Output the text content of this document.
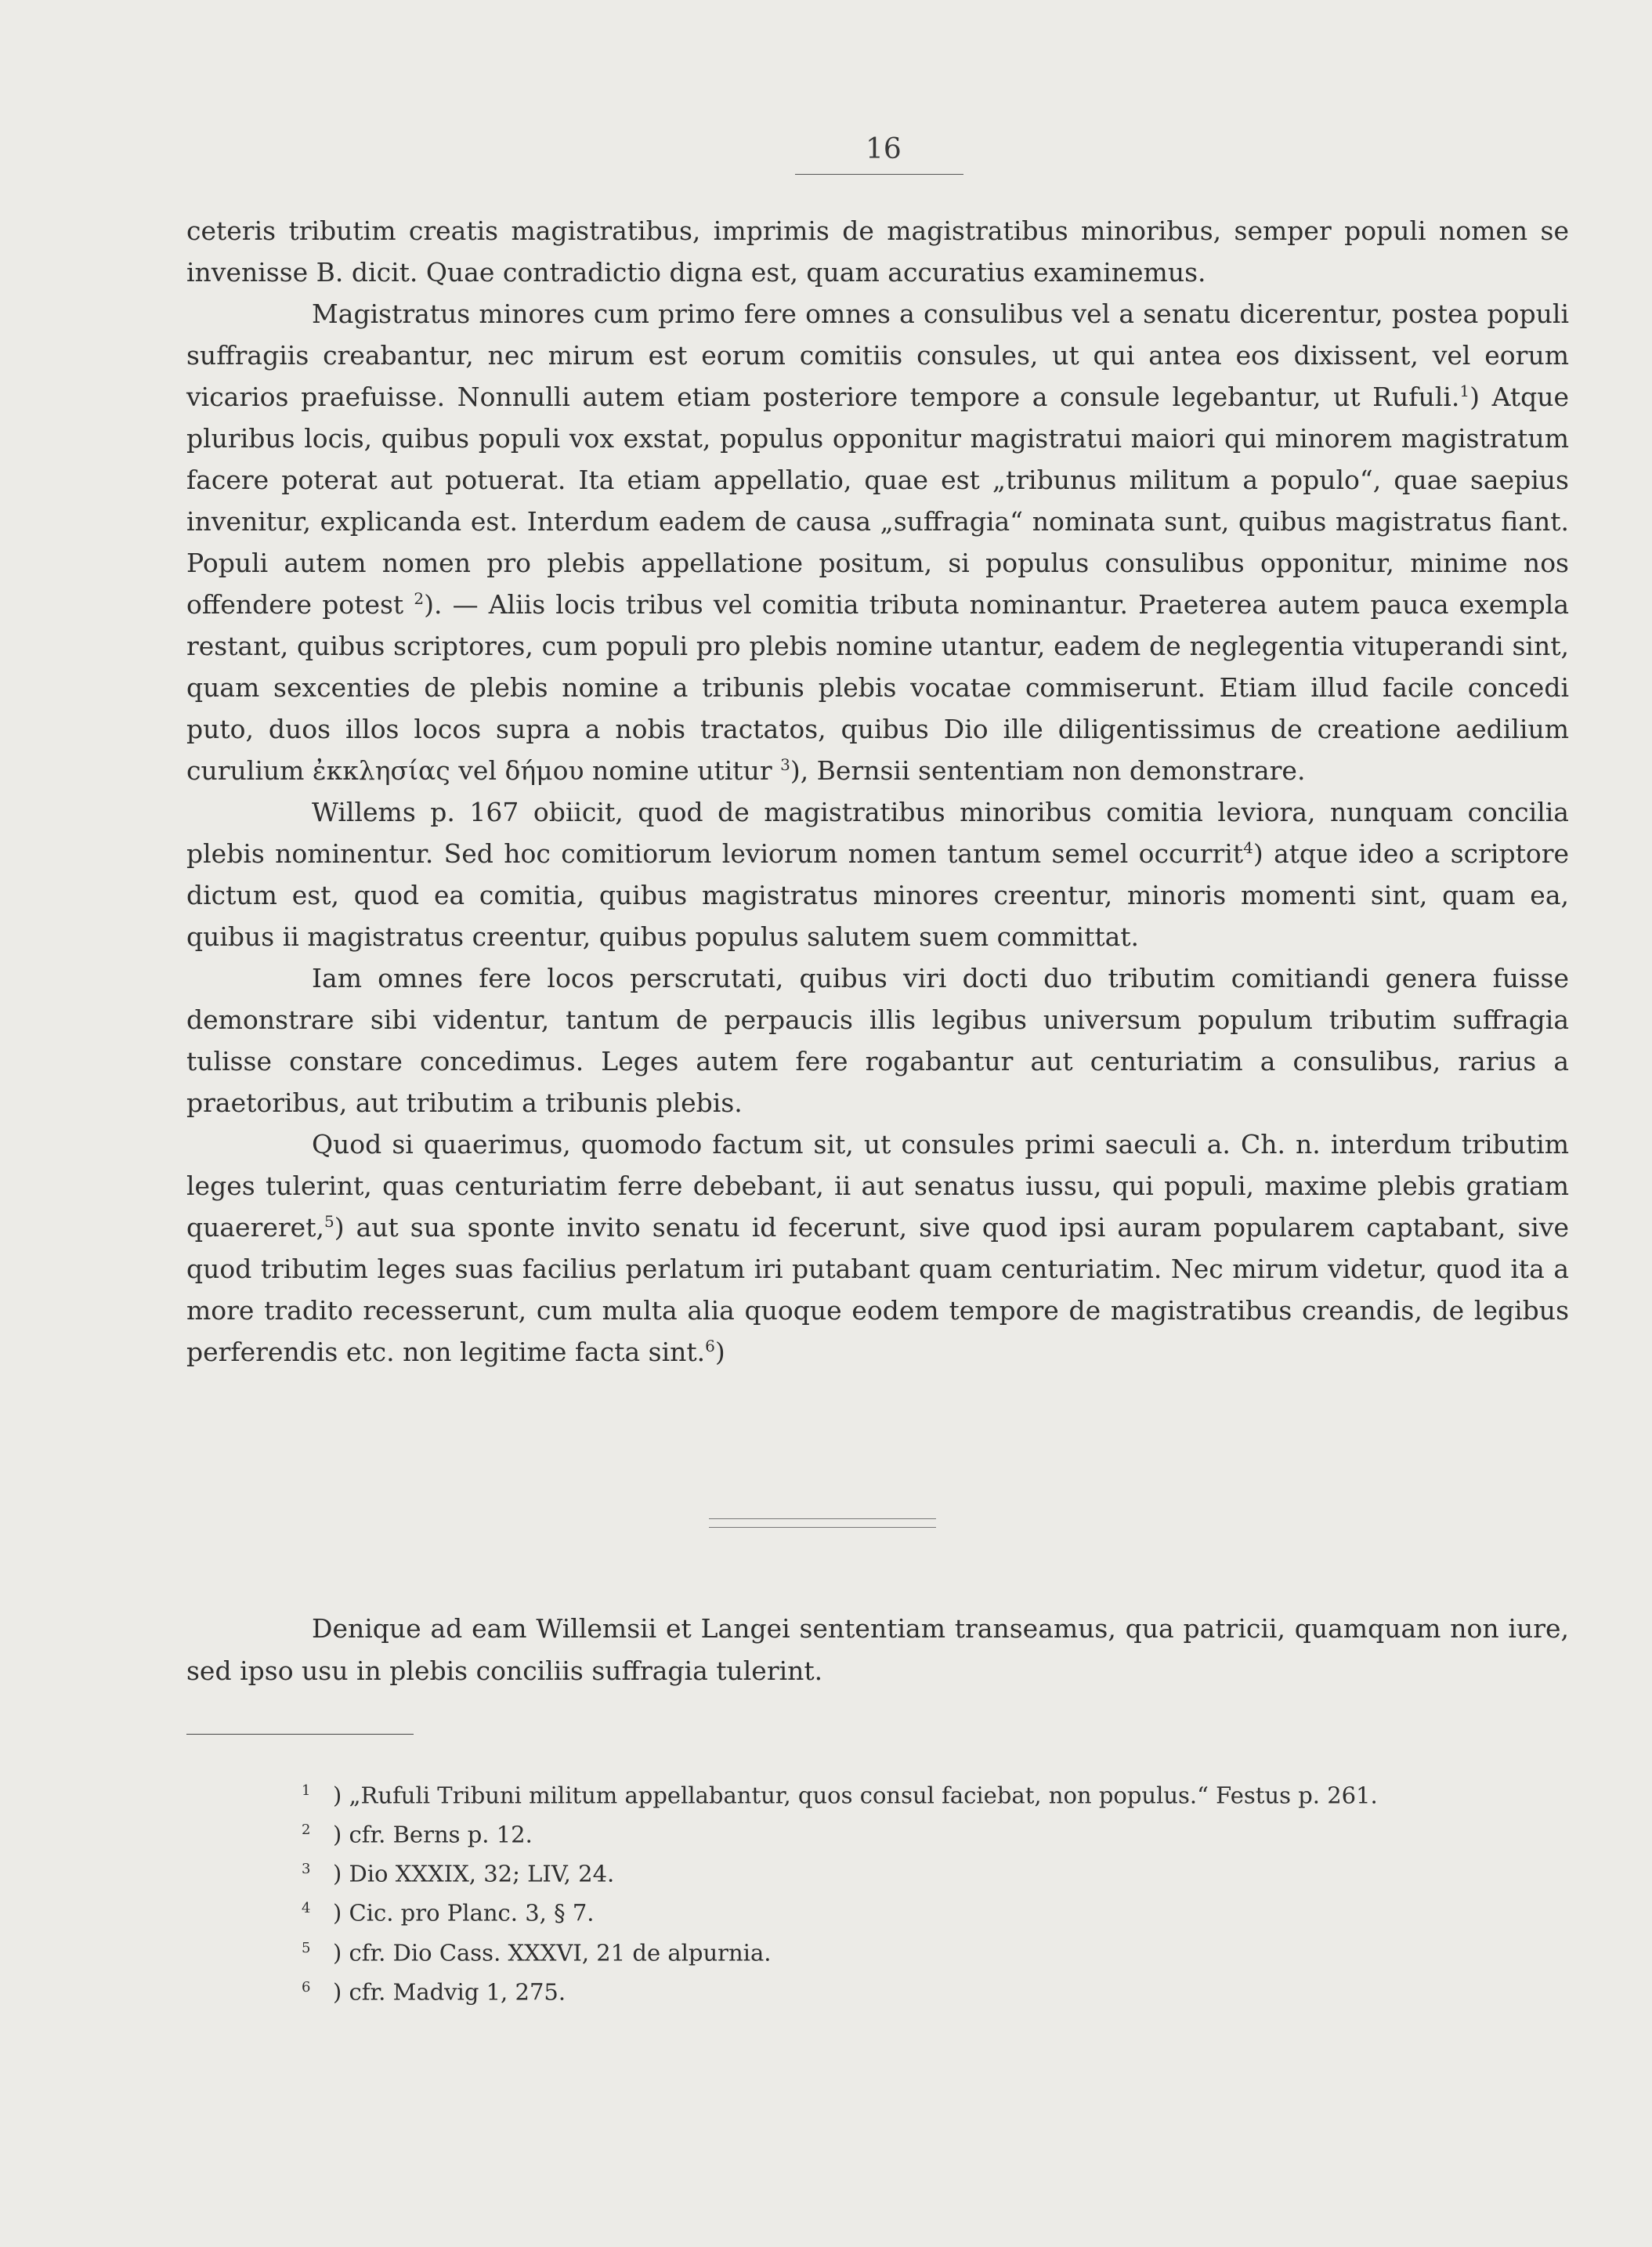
16

ceteris tributim creatis magistratibus, imprimis de magistratibus minoribus, semper populi nomen se invenisse B. dicit. Quae contradictio digna est, quam accuratius examinemus.

Magistratus minores cum primo fere omnes a consulibus vel a senatu dicerentur, postea populi suffragiis creabantur, nec mirum est eorum comitiis consules, ut qui antea eos dixissent, vel eorum vicarios praefuisse. Nonnulli autem etiam posteriore tempore a consule legebantur, ut Rufuli.$^1$) Atque pluribus locis, quibus populi vox exstat, populus opponitur magistratui maiori qui minorem magistratum facere poterat aut potuerat. Ita etiam appellatio, quae est „tribunus militum a populo“, quae saepius invenitur, explicanda est. Interdum eadem de causa „suffragia“ nominata sunt, quibus magistratus fiant. Populi autem nomen pro plebis appellatione positum, si populus consulibus opponitur, minime nos offendere potest $^2$). — Aliis locis tribus vel comitia tributa nominantur. Praeterea autem pauca exempla restant, quibus scriptores, cum populi pro plebis nomine utantur, eadem de neglegentia vituperandi sint, quam sexcenties de plebis nomine a tribunis plebis vocatae commiserunt. Etiam illud facile concedi puto, duos illos locos supra a nobis tractatos, quibus Dio ille diligentissimus de creatione aedilium curulium ἐκκλησίας vel δήμου nomine utitur $^3$), Bernsii sententiam non demonstrare.

Willems p. 167 obiicit, quod de magistratibus minoribus comitia leviora, nunquam concilia plebis nominentur. Sed hoc comitiorum leviorum nomen tantum semel occurrit$^4$) atque ideo a scriptore dictum est, quod ea comitia, quibus magistratus minores creentur, minoris momenti sint, quam ea, quibus ii magistratus creentur, quibus populus salutem suem committat.

Iam omnes fere locos perscrutati, quibus viri docti duo tributim comitiandi genera fuisse demonstrare sibi videntur, tantum de perpaucis illis legibus universum populum tributim suffragia tulisse constare concedimus. Leges autem fere rogabantur aut centuriatim a consulibus, rarius a praetoribus, aut tributim a tribunis plebis.

Quod si quaerimus, quomodo factum sit, ut consules primi saeculi a. Ch. n. interdum tributim leges tulerint, quas centuriatim ferre debebant, ii aut senatus iussu, qui populi, maxime plebis gratiam quaereret,$^5$) aut sua sponte invito senatu id fecerunt, sive quod ipsi auram popularem captabant, sive quod tributim leges suas facilius perlatum iri putabant quam centuriatim. Nec mirum videtur, quod ita a more tradito recesserunt, cum multa alia quoque eodem tempore de magistratibus creandis, de legibus perferendis etc. non legitime facta sint.$^6$)

Denique ad eam Willemsii et Langei sententiam transeamus, qua patricii, quamquam non iure, sed ipso usu in plebis conciliis suffragia tulerint.

$^1$ ) „Rufuli Tribuni militum appellabantur, quos consul faciebat, non populus.“ Festus p. 261.
$^2$ ) cfr. Berns p. 12.
$^3$ ) Dio XXXIX, 32; LIV, 24.
$^4$ ) Cic. pro Planc. 3, § 7.
$^5$ ) cfr. Dio Cass. XXXVI, 21 de alpurnia.
$^6$ ) cfr. Madvig 1, 275.
